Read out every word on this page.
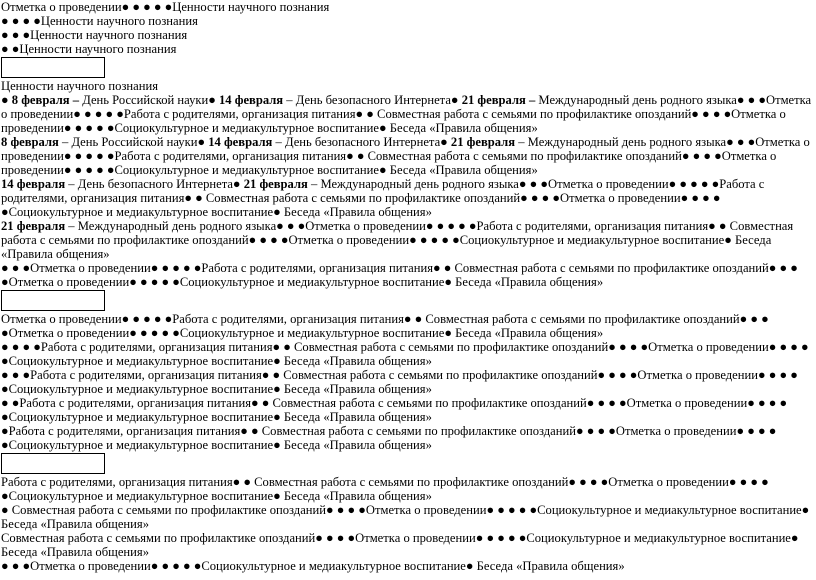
Отметка о проведении● ● ● ● ●Ценности научного познания

● ● ● ●Ценности научного познания

● ● ●Ценности научного познания

● ●Ценности научного познания

Ценности научного познания

● 8 февраля – День Российской науки● 14 февраля – День безопасного Интернета● 21 февраля – Международный день родного языка● ● ●Отметка о проведении● ● ● ● ●Работа с родителями, организация питания● ● Совместная работа с семьями по профилактике опозданий● ● ● ●Отметка о проведении● ● ● ● ●Социокультурное и медиакультурное воспитание● Беседа «Правила общения»

8 февраля – День Российской науки● 14 февраля – День безопасного Интернета● 21 февраля – Международный день родного языка● ● ●Отметка о проведении● ● ● ● ●Работа с родителями, организация питания● ● Совместная работа с семьями по профилактике опозданий● ● ● ●Отметка о проведении● ● ● ● ●Социокультурное и медиакультурное воспитание● Беседа «Правила общения»

14 февраля – День безопасного Интернета● 21 февраля – Международный день родного языка● ● ●Отметка о проведении● ● ● ● ●Работа с родителями, организация питания● ● Совместная работа с семьями по профилактике опозданий● ● ● ●Отметка о проведении● ● ● ● ●Социокультурное и медиакультурное воспитание● Беседа «Правила общения»

21 февраля – Международный день родного языка● ● ●Отметка о проведении● ● ● ● ●Работа с родителями, организация питания● ● Совместная работа с семьями по профилактике опозданий● ● ● ●Отметка о проведении● ● ● ● ●Социокультурное и медиакультурное воспитание● Беседа «Правила общения»

● ● ●Отметка о проведении● ● ● ● ●Работа с родителями, организация питания● ● Совместная работа с семьями по профилактике опозданий● ● ● ●Отметка о проведении● ● ● ● ●Социокультурное и медиакультурное воспитание● Беседа «Правила общения»

Отметка о проведении● ● ● ● ●Работа с родителями, организация питания● ● Совместная работа с семьями по профилактике опозданий● ● ● ●Отметка о проведении● ● ● ● ●Социокультурное и медиакультурное воспитание● Беседа «Правила общения»

● ● ● ●Работа с родителями, организация питания● ● Совместная работа с семьями по профилактике опозданий● ● ● ●Отметка о проведении● ● ● ● ●Социокультурное и медиакультурное воспитание● Беседа «Правила общения»

● ● ●Работа с родителями, организация питания● ● Совместная работа с семьями по профилактике опозданий● ● ● ●Отметка о проведении● ● ● ● ●Социокультурное и медиакультурное воспитание● Беседа «Правила общения»

● ●Работа с родителями, организация питания● ● Совместная работа с семьями по профилактике опозданий● ● ● ●Отметка о проведении● ● ● ● ●Социокультурное и медиакультурное воспитание● Беседа «Правила общения»

●Работа с родителями, организация питания● ● Совместная работа с семьями по профилактике опозданий● ● ● ●Отметка о проведении● ● ● ● ●Социокультурное и медиакультурное воспитание● Беседа «Правила общения»

Работа с родителями, организация питания● ● Совместная работа с семьями по профилактике опозданий● ● ● ●Отметка о проведении● ● ● ● ●Социокультурное и медиакультурное воспитание● Беседа «Правила общения»

● Совместная работа с семьями по профилактике опозданий● ● ● ●Отметка о проведении● ● ● ● ●Социокультурное и медиакультурное воспитание● Беседа «Правила общения»

Совместная работа с семьями по профилактике опозданий● ● ● ●Отметка о проведении● ● ● ● ●Социокультурное и медиакультурное воспитание● Беседа «Правила общения»

● ● ●Отметка о проведении● ● ● ● ●Социокультурное и медиакультурное воспитание● Беседа «Правила общения»
